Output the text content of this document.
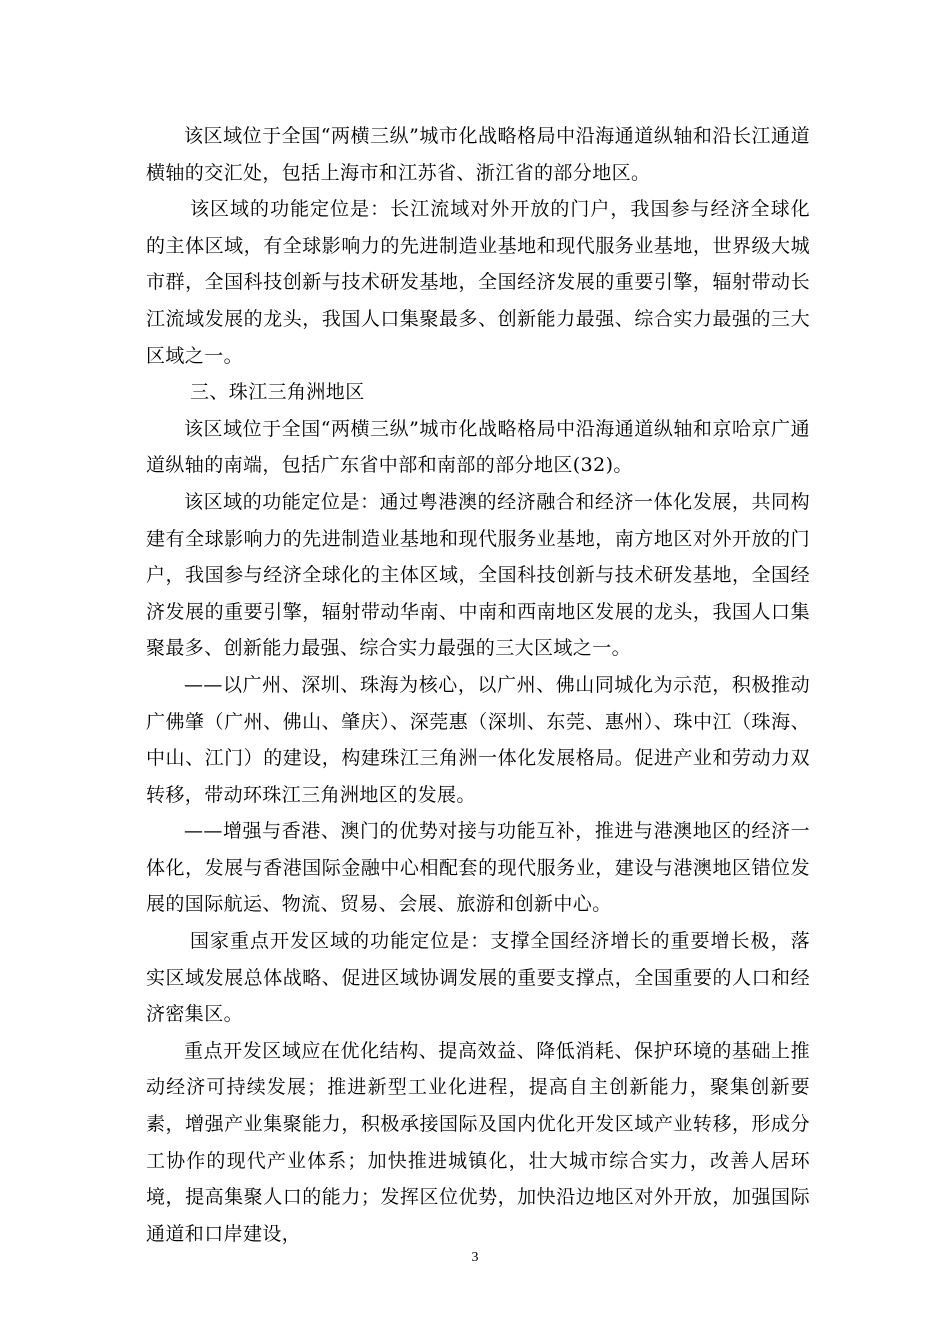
该区域位于全国“两横三纵”城市化战略格局中沿海通道纵轴和沿长江通道横轴的交汇处，包括上海市和江苏省、浙江省的部分地区。

该区域的功能定位是：长江流域对外开放的门户，我国参与经济全球化的主体区域，有全球影响力的先进制造业基地和现代服务业基地，世界级大城市群，全国科技创新与技术研发基地，全国经济发展的重要引擎，辐射带动长江流域发展的龙头，我国人口集聚最多、创新能力最强、综合实力最强的三大区域之一。

三、珠江三角洲地区

该区域位于全国“两横三纵”城市化战略格局中沿海通道纵轴和京哈京广通道纵轴的南端，包括广东省中部和南部的部分地区(32)。

该区域的功能定位是：通过粤港澳的经济融合和经济一体化发展，共同构建有全球影响力的先进制造业基地和现代服务业基地，南方地区对外开放的门户，我国参与经济全球化的主体区域，全国科技创新与技术研发基地，全国经济发展的重要引擎，辐射带动华南、中南和西南地区发展的龙头，我国人口集聚最多、创新能力最强、综合实力最强的三大区域之一。

——以广州、深圳、珠海为核心，以广州、佛山同城化为示范，积极推动广佛肇（广州、佛山、肇庆）、深莞惠（深圳、东莞、惠州）、珠中江（珠海、中山、江门）的建设，构建珠江三角洲一体化发展格局。促进产业和劳动力双转移，带动环珠江三角洲地区的发展。

——增强与香港、澳门的优势对接与功能互补，推进与港澳地区的经济一体化，发展与香港国际金融中心相配套的现代服务业，建设与港澳地区错位发展的国际航运、物流、贸易、会展、旅游和创新中心。

国家重点开发区域的功能定位是：支撑全国经济增长的重要增长极，落实区域发展总体战略、促进区域协调发展的重要支撑点，全国重要的人口和经济密集区。

重点开发区域应在优化结构、提高效益、降低消耗、保护环境的基础上推动经济可持续发展；推进新型工业化进程，提高自主创新能力，聚集创新要素，增强产业集聚能力，积极承接国际及国内优化开发区域产业转移，形成分工协作的现代产业体系；加快推进城镇化，壮大城市综合实力，改善人居环境，提高集聚人口的能力；发挥区位优势，加快沿边地区对外开放，加强国际通道和口岸建设，

3
